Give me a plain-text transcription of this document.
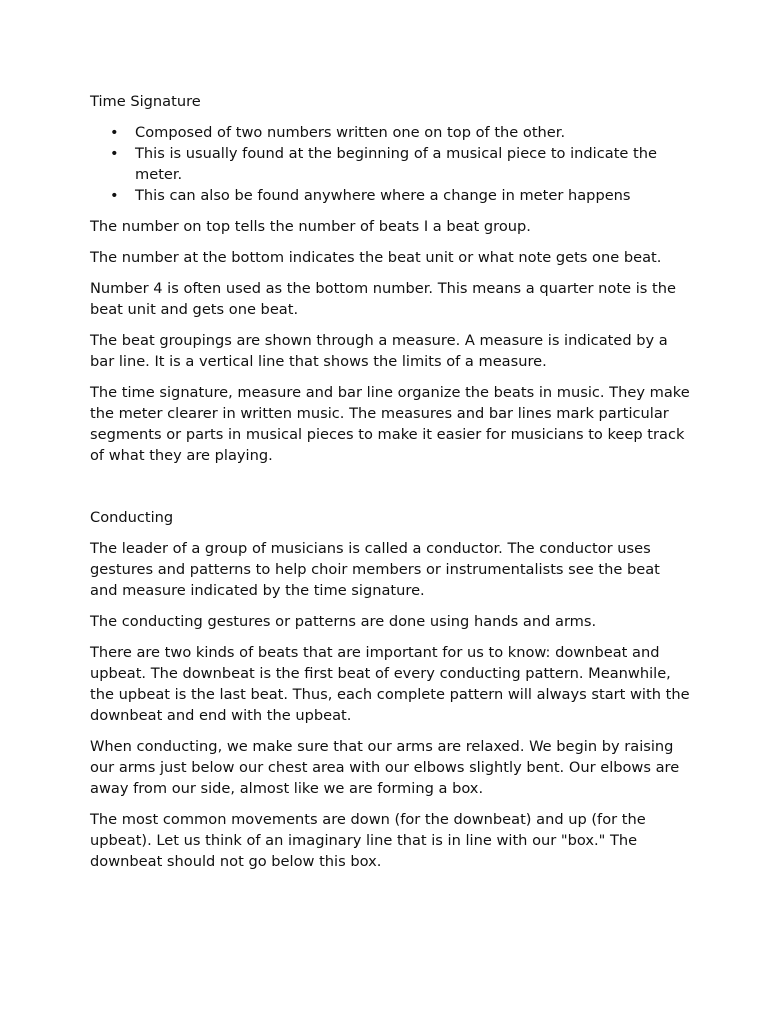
Time Signature

• Composed of two numbers written one on top of the other.
• This is usually found at the beginning of a musical piece to indicate the meter.
• This can also be found anywhere where a change in meter happens

The number on top tells the number of beats I a beat group.

The number at the bottom indicates the beat unit or what note gets one beat.

Number 4 is often used as the bottom number. This means a quarter note is the beat unit and gets one beat.

The beat groupings are shown through a measure. A measure is indicated by a bar line. It is a vertical line that shows the limits of a measure.

The time signature, measure and bar line organize the beats in music. They make the meter clearer in written music. The measures and bar lines mark particular segments or parts in musical pieces to make it easier for musicians to keep track of what they are playing.

Conducting

The leader of a group of musicians is called a conductor. The conductor uses gestures and patterns to help choir members or instrumentalists see the beat and measure indicated by the time signature.

The conducting gestures or patterns are done using hands and arms.

There are two kinds of beats that are important for us to know: downbeat and upbeat. The downbeat is the first beat of every conducting pattern. Meanwhile, the upbeat is the last beat. Thus, each complete pattern will always start with the downbeat and end with the upbeat.

When conducting, we make sure that our arms are relaxed. We begin by raising our arms just below our chest area with our elbows slightly bent. Our elbows are away from our side, almost like we are forming a box.

The most common movements are down (for the downbeat) and up (for the upbeat). Let us think of an imaginary line that is in line with our "box." The downbeat should not go below this box.
